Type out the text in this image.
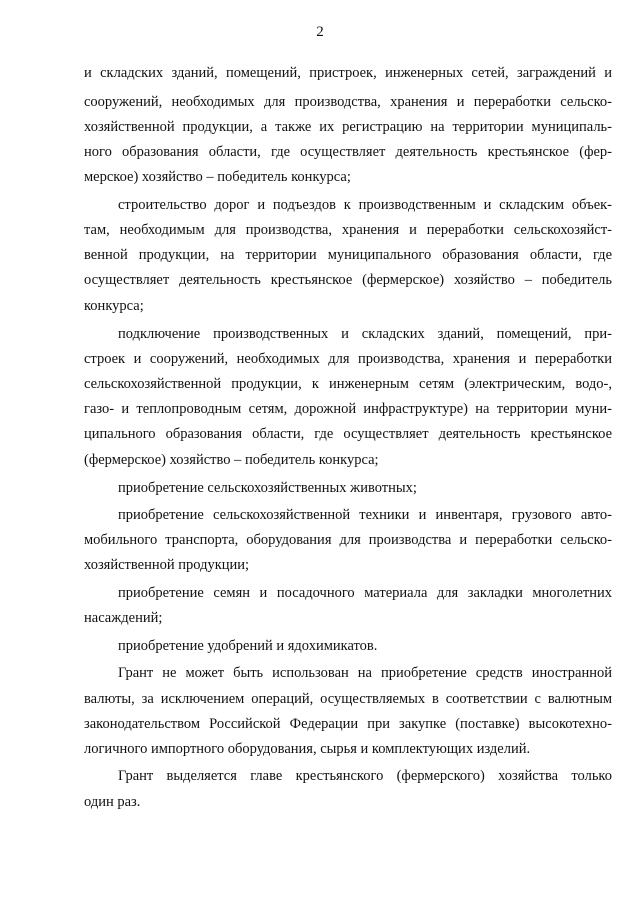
2
и складских зданий, помещений, пристроек, инженерных сетей, заграждений и
сооружений, необходимых для производства, хранения и переработки сельско-
хозяйственной продукции, а также их регистрацию на территории муниципаль-
ного образования области, где осуществляет деятельность крестьянское (фер-
мерское) хозяйство – победитель конкурса;
строительство дорог и подъездов к производственным и складским объек-
там, необходимым для производства, хранения и переработки сельскохозяйст-
венной продукции, на территории муниципального образования области, где
осуществляет деятельность крестьянское (фермерское) хозяйство – победитель
конкурса;
подключение производственных и складских зданий, помещений, при-
строек и сооружений, необходимых для производства, хранения и переработки
сельскохозяйственной продукции, к инженерным сетям (электрическим, водо-,
газо- и теплопроводным сетям, дорожной инфраструктуре) на территории муни-
ципального образования области, где осуществляет деятельность крестьянское
(фермерское) хозяйство – победитель конкурса;
приобретение сельскохозяйственных животных;
приобретение сельскохозяйственной техники и инвентаря, грузового авто-
мобильного транспорта, оборудования для производства и переработки сельско-
хозяйственной продукции;
приобретение семян и посадочного материала для закладки многолетних
насаждений;
приобретение удобрений и ядохимикатов.
Грант не может быть использован на приобретение средств иностранной
валюты, за исключением операций, осуществляемых в соответствии с валютным
законодательством Российской Федерации при закупке (поставке) высокотехно-
логичного импортного оборудования, сырья и комплектующих изделий.
Грант выделяется главе крестьянского (фермерского) хозяйства только
один раз.
